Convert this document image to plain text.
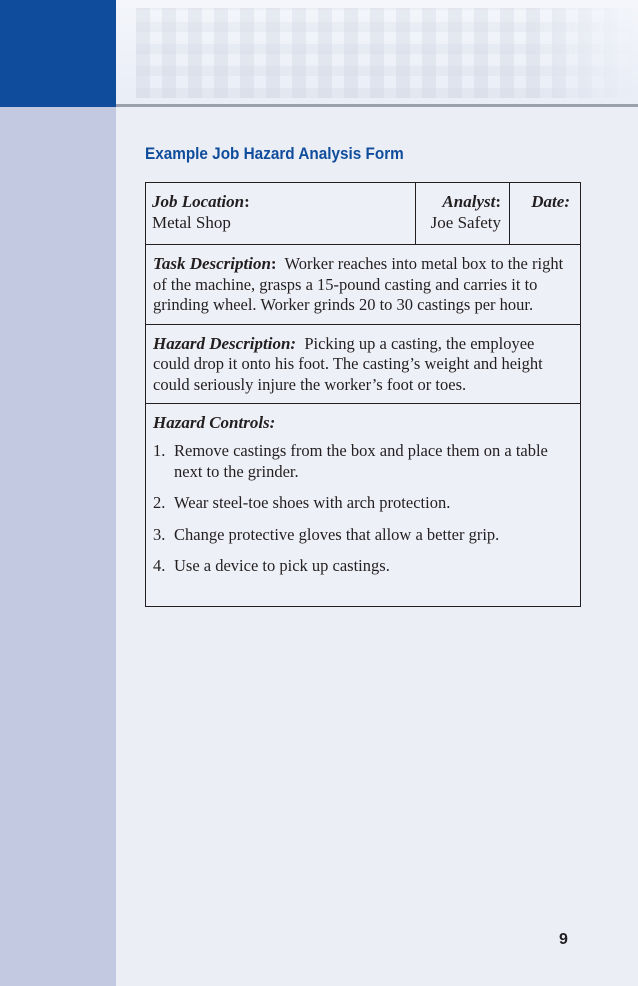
Example Job Hazard Analysis Form
Job Location:
Metal Shop
Analyst:
Joe Safety
Date:
Task Description: Worker reaches into metal box to the right of the machine, grasps a 15-pound casting and carries it to grinding wheel. Worker grinds 20 to 30 castings per hour.
Hazard Description: Picking up a casting, the employee could drop it onto his foot. The casting’s weight and height could seriously injure the worker’s foot or toes.
Hazard Controls:
1. Remove castings from the box and place them on a table next to the grinder.
2. Wear steel-toe shoes with arch protection.
3. Change protective gloves that allow a better grip.
4. Use a device to pick up castings.
9
